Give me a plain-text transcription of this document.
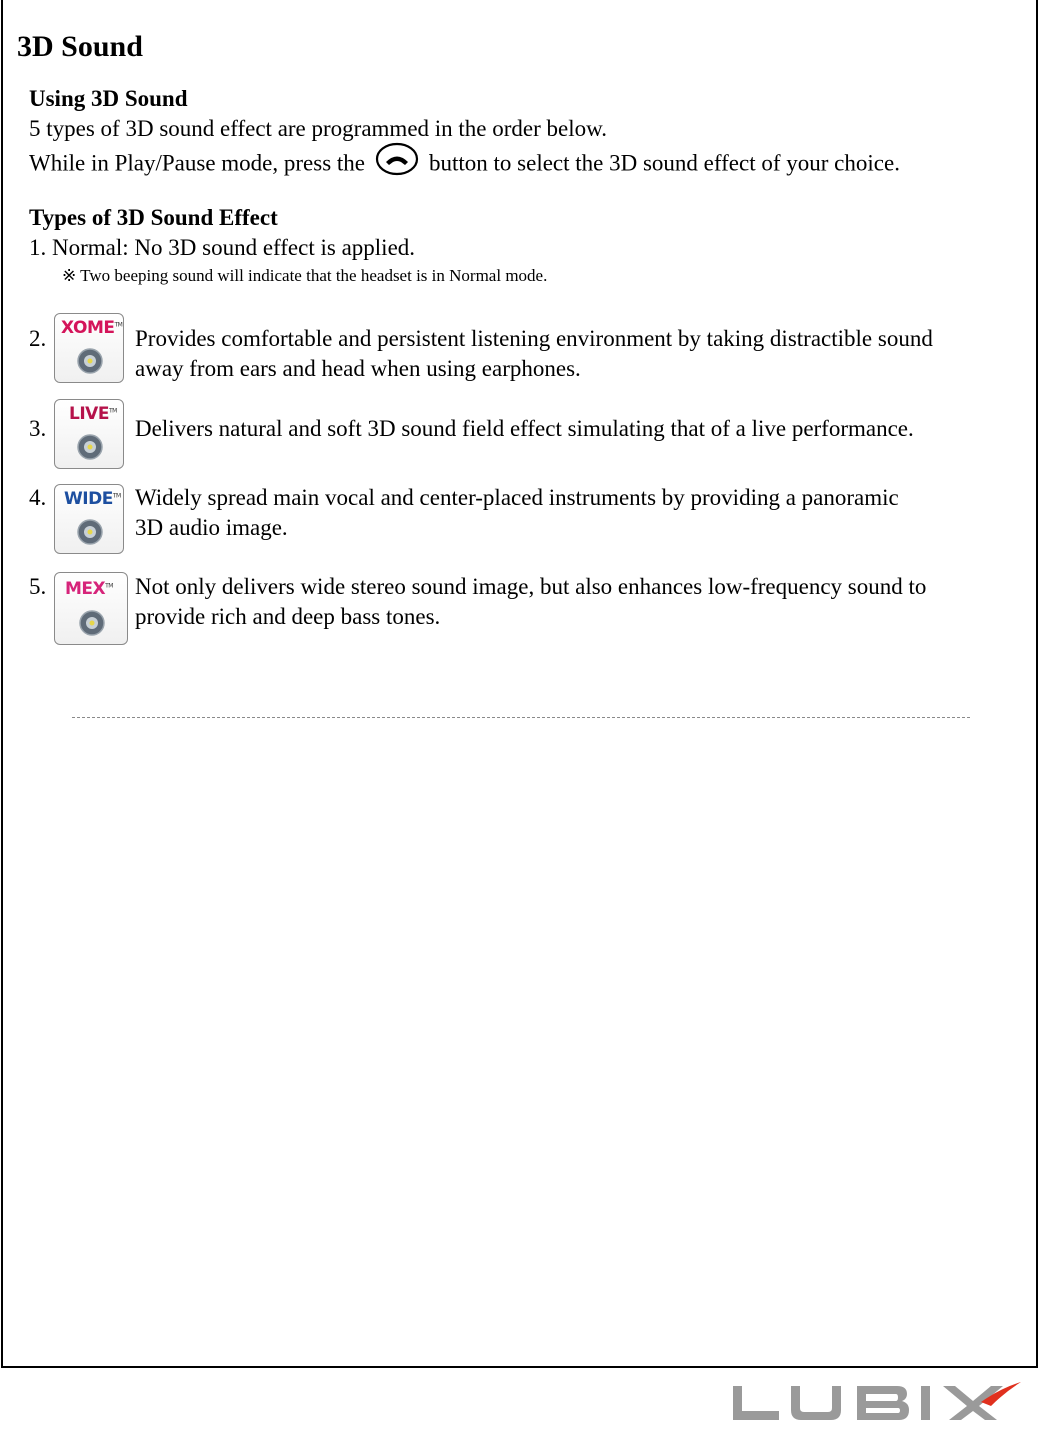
3D Sound
Using 3D Sound
5 types of 3D sound effect are programmed in the order below.
While in Play/Pause mode, press the	button to select the 3D sound effect of your choice.
Types of 3D Sound Effect
1. Normal: No 3D sound effect is applied.
※ Two beeping sound will indicate that the headset is in Normal mode.
2. XOME™
Provides comfortable and persistent listening environment by taking distractible sound
away from ears and head when using earphones.
3.
LIVE™
Delivers natural and soft 3D sound field effect simulating that of a live performance.
4. WIDE™ Widely spread main vocal and center-placed instruments by providing a panoramic
3D audio image.
5. MEX™ Not only delivers wide stereo sound image, but also enhances low-frequency sound to
provide rich and deep bass tones.
